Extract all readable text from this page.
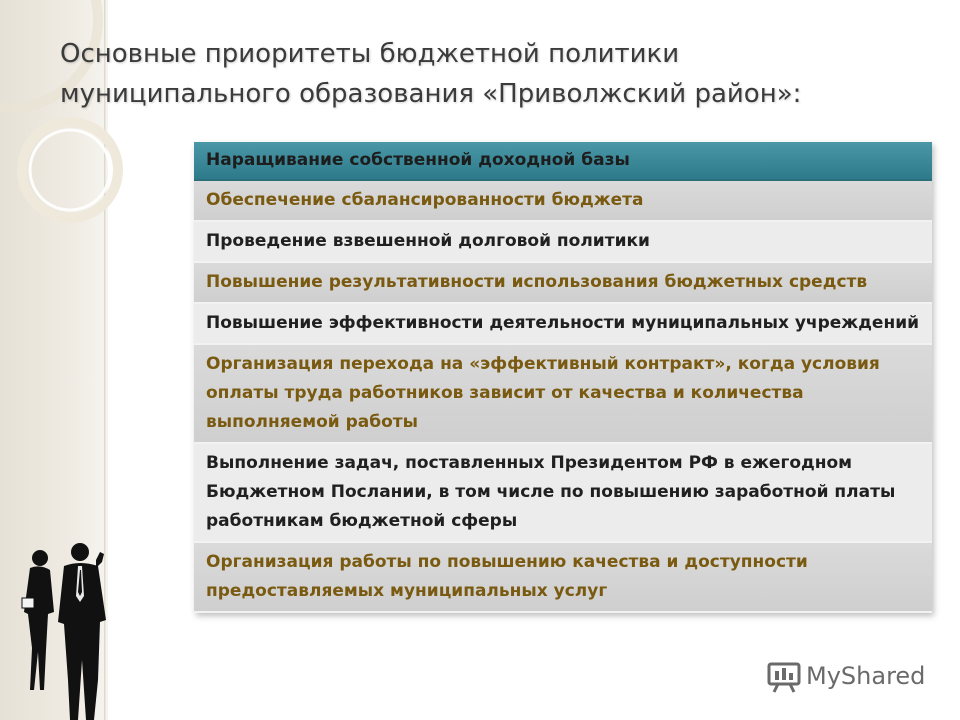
Основные приоритеты бюджетной политики
муниципального образования «Приволжский район»:
Наращивание собственной доходной базы
Обеспечение сбалансированности бюджета
Проведение взвешенной долговой политики
Повышение результативности использования бюджетных средств
Повышение эффективности деятельности муниципальных учреждений
Организация перехода на «эффективный контракт», когда условия оплаты труда работников зависит от качества и количества выполняемой работы
Выполнение задач, поставленных Президентом РФ в ежегодном Бюджетном Послании, в том числе по повышению заработной платы работникам бюджетной сферы
Организация работы по повышению качества и доступности предоставляемых муниципальных услуг
MyShared
